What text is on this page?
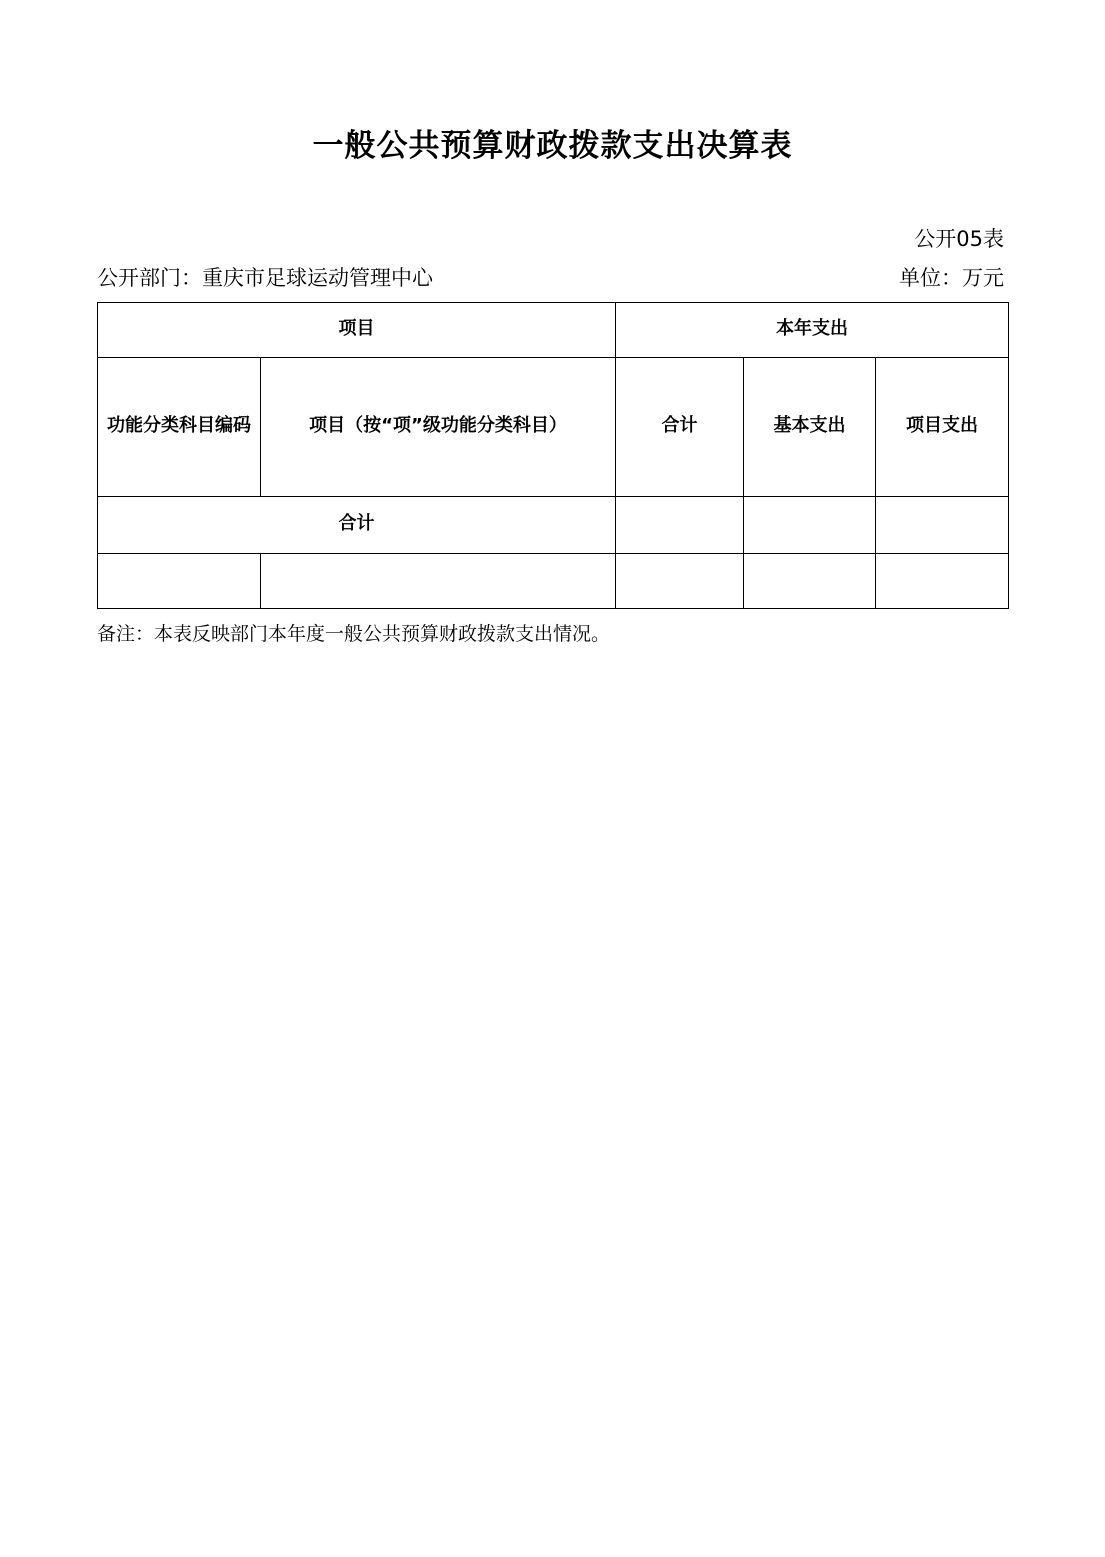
一般公共预算财政拨款支出决算表
公开05表
公开部门：重庆市足球运动管理中心	单位：万元
项目		本年支出		
功能分类科目编码	项目（按“项”级功能分类科目）	合计	基本支出	项目支出
合计				

备注：本表反映部门本年度一般公共预算财政拨款支出情况。
